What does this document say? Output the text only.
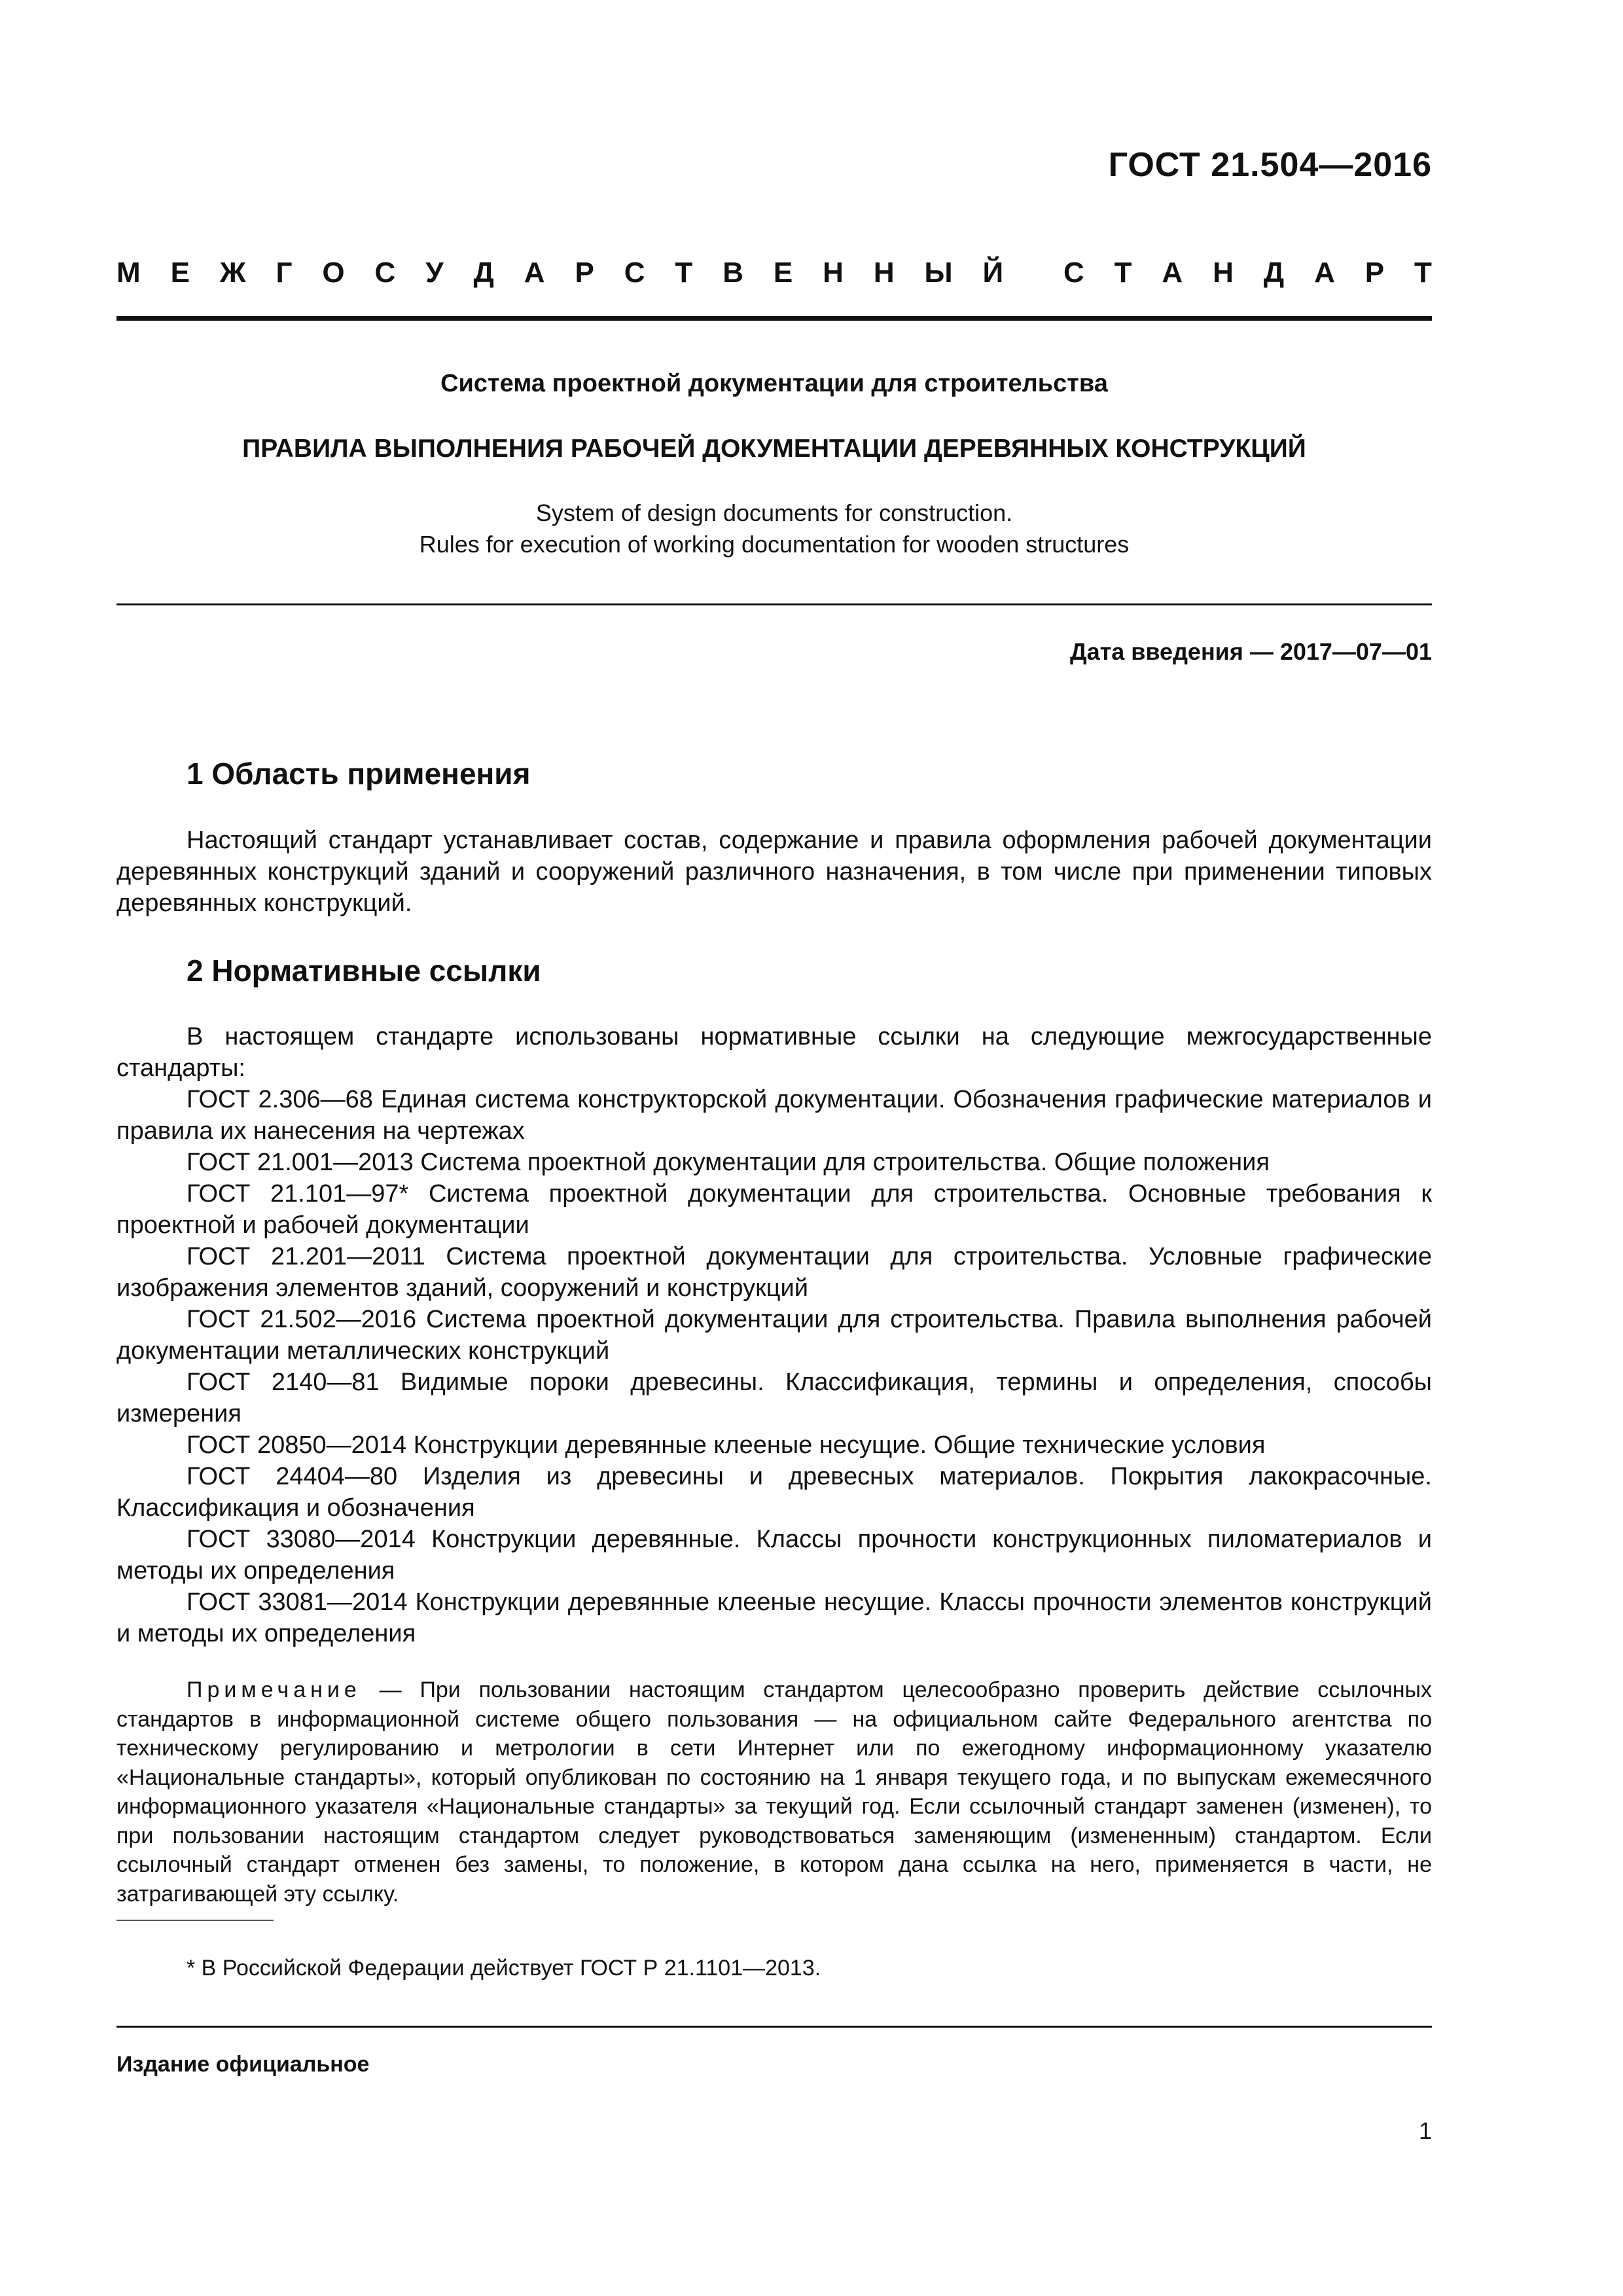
ГОСТ 21.504—2016
М Е Ж Г О С У Д А Р С Т В Е Н Н Ы Й С Т А Н Д А Р Т
Система проектной документации для строительства
ПРАВИЛА ВЫПОЛНЕНИЯ РАБОЧЕЙ ДОКУМЕНТАЦИИ ДЕРЕВЯННЫХ КОНСТРУКЦИЙ
System of design documents for construction.
Rules for execution of working documentation for wooden structures
Дата введения — 2017—07—01
1 Область применения

Настоящий стандарт устанавливает состав, содержание и правила оформления рабочей документации деревянных конструкций зданий и сооружений различного назначения, в том числе при применении типовых деревянных конструкций.

2 Нормативные ссылки

В настоящем стандарте использованы нормативные ссылки на следующие межгосударственные стандарты:

ГОСТ 2.306—68 Единая система конструкторской документации. Обозначения графические материалов и правила их нанесения на чертежах

ГОСТ 21.001—2013 Система проектной документации для строительства. Общие положения

ГОСТ 21.101—97* Система проектной документации для строительства. Основные требования к проектной и рабочей документации

ГОСТ 21.201—2011 Система проектной документации для строительства. Условные графические изображения элементов зданий, сооружений и конструкций

ГОСТ 21.502—2016 Система проектной документации для строительства. Правила выполнения рабочей документации металлических конструкций

ГОСТ 2140—81 Видимые пороки древесины. Классификация, термины и определения, способы измерения

ГОСТ 20850—2014 Конструкции деревянные клееные несущие. Общие технические условия

ГОСТ 24404—80 Изделия из древесины и древесных материалов. Покрытия лакокрасочные. Классификация и обозначения

ГОСТ 33080—2014 Конструкции деревянные. Классы прочности конструкционных пиломатериалов и методы их определения

ГОСТ 33081—2014 Конструкции деревянные клееные несущие. Классы прочности элементов конструкций и методы их определения

Примечание — При пользовании настоящим стандартом целесообразно проверить действие ссылочных стандартов в информационной системе общего пользования — на официальном сайте Федерального агентства по техническому регулированию и метрологии в сети Интернет или по ежегодному информационному указателю «Национальные стандарты», который опубликован по состоянию на 1 января текущего года, и по выпускам ежемесячного информационного указателя «Национальные стандарты» за текущий год. Если ссылочный стандарт заменен (изменен), то при пользовании настоящим стандартом следует руководствоваться заменяющим (измененным) стандартом. Если ссылочный стандарт отменен без замены, то положение, в котором дана ссылка на него, применяется в части, не затрагивающей эту ссылку.

* В Российской Федерации действует ГОСТ Р 21.1101—2013.
Издание официальное
1
